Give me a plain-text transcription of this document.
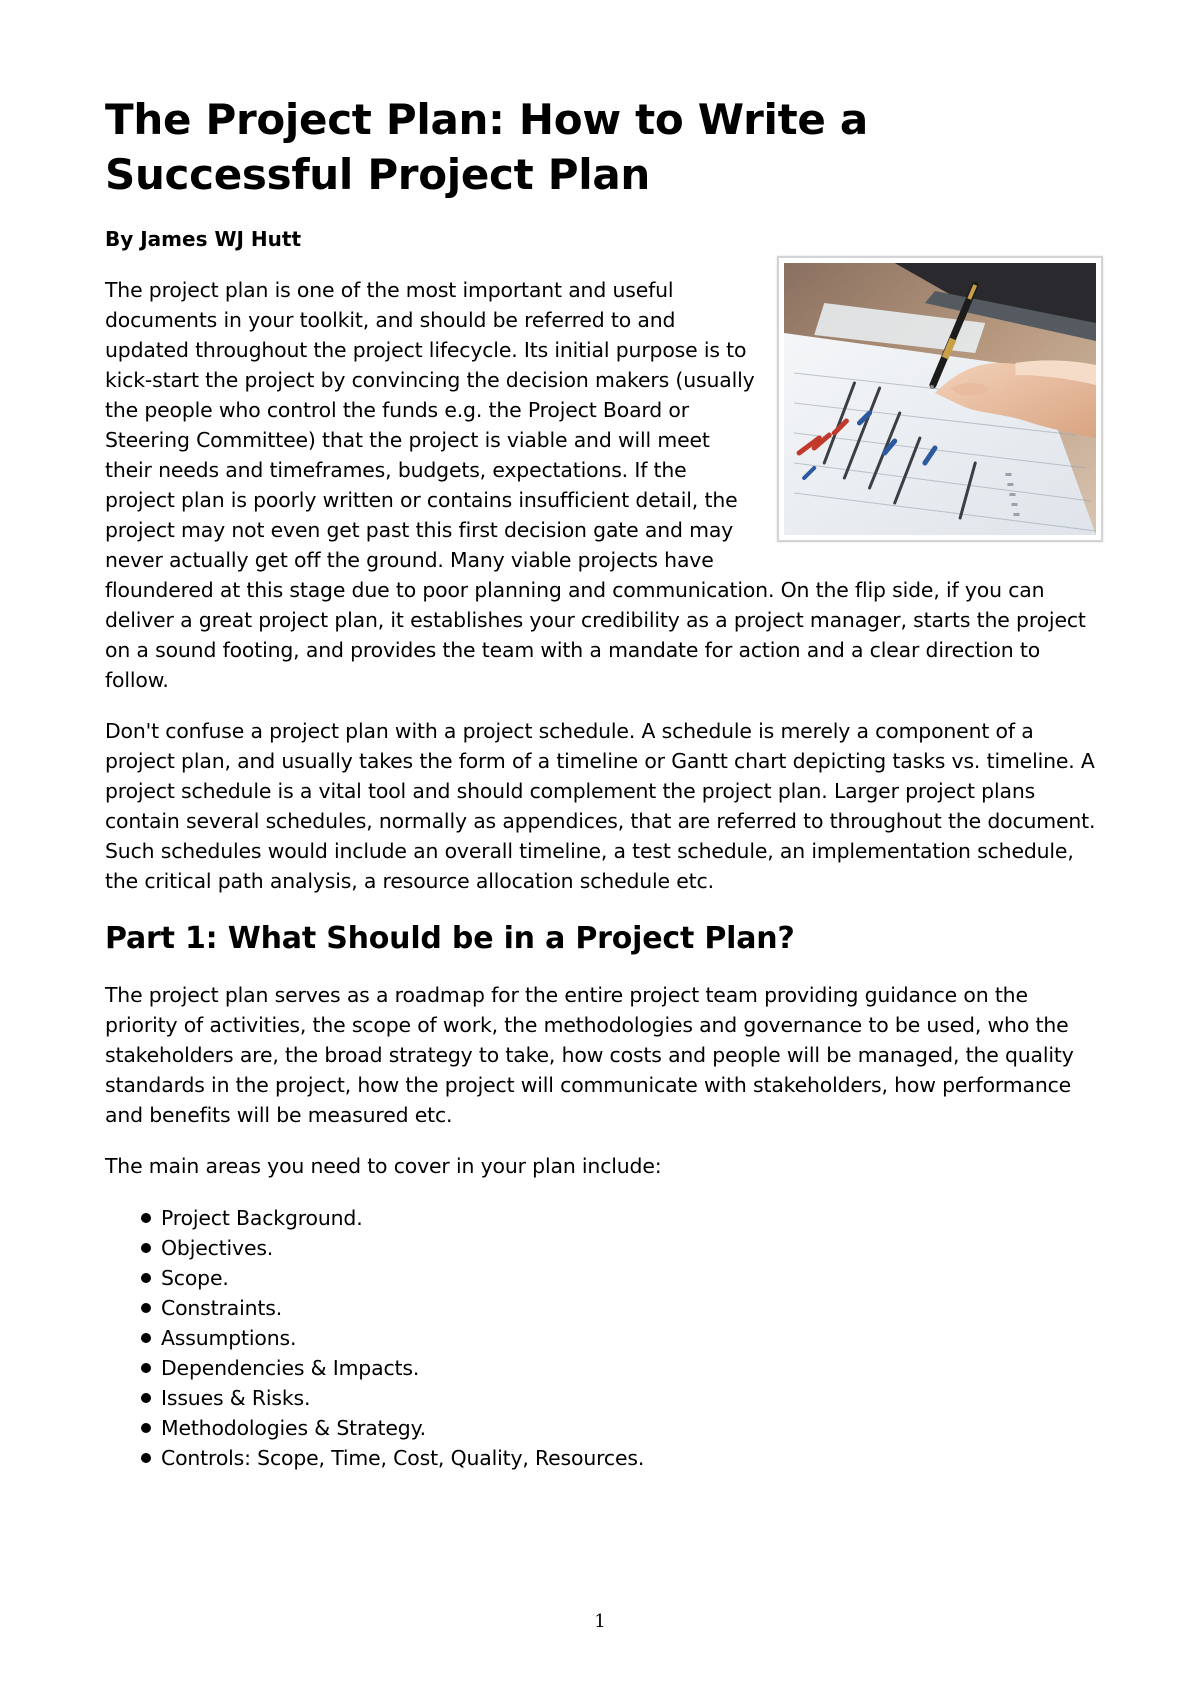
The Project Plan: How to Write a Successful Project Plan

By James WJ Hutt

The project plan is one of the most important and useful documents in your toolkit, and should be referred to and updated throughout the project lifecycle. Its initial purpose is to kick-start the project by convincing the decision makers (usually the people who control the funds e.g. the Project Board or Steering Committee) that the project is viable and will meet their needs and timeframes, budgets, expectations. If the project plan is poorly written or contains insufficient detail, the project may not even get past this first decision gate and may never actually get off the ground. Many viable projects have floundered at this stage due to poor planning and communication. On the flip side, if you can deliver a great project plan, it establishes your credibility as a project manager, starts the project on a sound footing, and provides the team with a mandate for action and a clear direction to follow.

Don't confuse a project plan with a project schedule. A schedule is merely a component of a project plan, and usually takes the form of a timeline or Gantt chart depicting tasks vs. timeline. A project schedule is a vital tool and should complement the project plan. Larger project plans contain several schedules, normally as appendices, that are referred to throughout the document. Such schedules would include an overall timeline, a test schedule, an implementation schedule, the critical path analysis, a resource allocation schedule etc.

Part 1: What Should be in a Project Plan?

The project plan serves as a roadmap for the entire project team providing guidance on the priority of activities, the scope of work, the methodologies and governance to be used, who the stakeholders are, the broad strategy to take, how costs and people will be managed, the quality standards in the project, how the project will communicate with stakeholders, how performance and benefits will be measured etc.

The main areas you need to cover in your plan include:

Project Background.
Objectives.
Scope.
Constraints.
Assumptions.
Dependencies & Impacts.
Issues & Risks.
Methodologies & Strategy.
Controls: Scope, Time, Cost, Quality, Resources.
1
